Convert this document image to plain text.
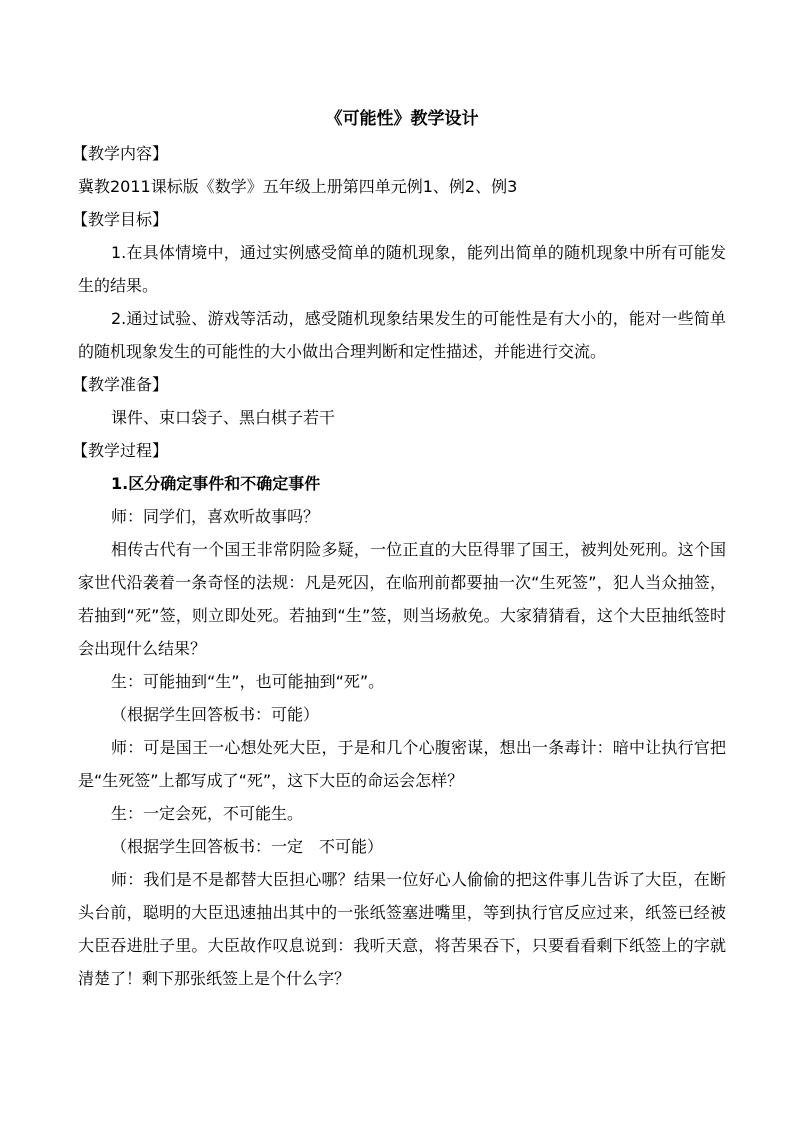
《可能性》教学设计

【教学内容】

冀教2011课标版《数学》五年级上册第四单元例1、例2、例3

【教学目标】

1.在具体情境中，通过实例感受简单的随机现象，能列出简单的随机现象中所有可能发生的结果。

2.通过试验、游戏等活动，感受随机现象结果发生的可能性是有大小的，能对一些简单的随机现象发生的可能性的大小做出合理判断和定性描述，并能进行交流。

【教学准备】

课件、束口袋子、黑白棋子若干

【教学过程】

1.区分确定事件和不确定事件

师：同学们，喜欢听故事吗？

相传古代有一个国王非常阴险多疑，一位正直的大臣得罪了国王，被判处死刑。这个国家世代沿袭着一条奇怪的法规：凡是死囚，在临刑前都要抽一次“生死签”，犯人当众抽签，若抽到“死”签，则立即处死。若抽到“生”签，则当场赦免。大家猜猜看，这个大臣抽纸签时会出现什么结果？

生：可能抽到“生”，也可能抽到“死”。

（根据学生回答板书：可能）

师：可是国王一心想处死大臣，于是和几个心腹密谋，想出一条毒计：暗中让执行官把是“生死签”上都写成了“死”，这下大臣的命运会怎样？

生：一定会死，不可能生。

（根据学生回答板书：一定　不可能）

师：我们是不是都替大臣担心哪？结果一位好心人偷偷的把这件事儿告诉了大臣，在断头台前，聪明的大臣迅速抽出其中的一张纸签塞进嘴里，等到执行官反应过来，纸签已经被大臣吞进肚子里。大臣故作叹息说到：我听天意，将苦果吞下，只要看看剩下纸签上的字就清楚了！剩下那张纸签上是个什么字？
